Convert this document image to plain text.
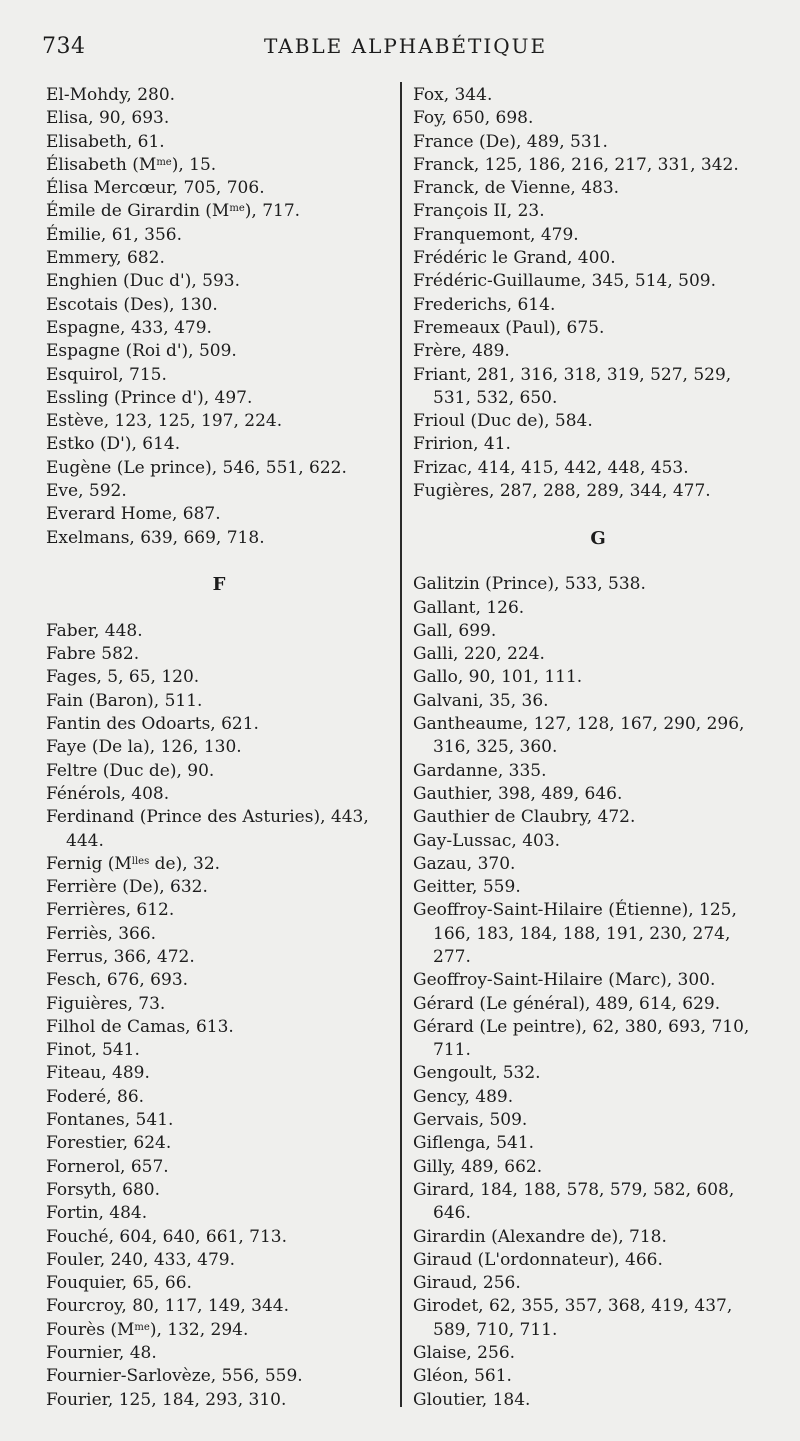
734	TABLE ALPHABÉTIQUE
El-Mohdy, 280.
Elisa, 90, 693.
Elisabeth, 61.
Élisabeth $(M^{me})$, 15.
Élisa Mercœur, 705, 706.
Émile de Girardin $(M^{me})$, 717.
Émilie, 61, 356.
Emmery, 682.
Enghien (Duc d'), 593.
Escotais (Des), 130.
Espagne, 433, 479.
Espagne (Roi d'), 509.
Esquirol, 715.
Essling (Prince d'), 497.
Estève, 123, 125, 197, 224.
Estko (D'), 614.
Eugène (Le prince), 546, 551, 622.
Eve, 592.
Everard Home, 687.
Exelmans, 639, 669, 718.
F
Faber, 448.
Fabre 582.
Fages, 5, 65, 120.
Fain (Baron), 511.
Fantin des Odoarts, 621.
Faye (De la), 126, 130.
Feltre (Duc de), 90.
Fénérols, 408.
Ferdinand (Prince des Asturies), 443,
444.
Fernig ($M^{lles}$ de), 32.
Ferrière (De), 632.
Ferrières, 612.
Ferriès, 366.
Ferrus, 366, 472.
Fesch, 676, 693.
Figuières, 73.
Filhol de Camas, 613.
Finot, 541.
Fiteau, 489.
Foderé, 86.
Fontanes, 541.
Forestier, 624.
Fornerol, 657.
Forsyth, 680.
Fortin, 484.
Fouché, 604, 640, 661, 713.
Fouler, 240, 433, 479.
Fouquier, 65, 66.
Fourcroy, 80, 117, 149, 344.
Fourès $(M^{me})$, 132, 294.
Fournier, 48.
Fournier-Sarlovèze, 556, 559.
Fourier, 125, 184, 293, 310.
Fox, 344.
Foy, 650, 698.
France (De), 489, 531.
Franck, 125, 186, 216, 217, 331, 342.
Franck, de Vienne, 483.
François II, 23.
Franquemont, 479.
Frédéric le Grand, 400.
Frédéric-Guillaume, 345, 514, 509.
Frederichs, 614.
Fremeaux (Paul), 675.
Frère, 489.
Friant, 281, 316, 318, 319, 527, 529,
531, 532, 650.
Frioul (Duc de), 584.
Fririon, 41.
Frizac, 414, 415, 442, 448, 453.
Fugières, 287, 288, 289, 344, 477.
G
Galitzin (Prince), 533, 538.
Gallant, 126.
Gall, 699.
Galli, 220, 224.
Gallo, 90, 101, 111.
Galvani, 35, 36.
Gantheaume, 127, 128, 167, 290, 296,
316, 325, 360.
Gardanne, 335.
Gauthier, 398, 489, 646.
Gauthier de Claubry, 472.
Gay-Lussac, 403.
Gazau, 370.
Geitter, 559.
Geoffroy-Saint-Hilaire (Étienne), 125,
166, 183, 184, 188, 191, 230, 274,
277.
Geoffroy-Saint-Hilaire (Marc), 300.
Gérard (Le général), 489, 614, 629.
Gérard (Le peintre), 62, 380, 693, 710,
711.
Gengoult, 532.
Gency, 489.
Gervais, 509.
Giflenga, 541.
Gilly, 489, 662.
Girard, 184, 188, 578, 579, 582, 608,
646.
Girardin (Alexandre de), 718.
Giraud (L'ordonnateur), 466.
Giraud, 256.
Girodet, 62, 355, 357, 368, 419, 437,
589, 710, 711.
Glaise, 256.
Gléon, 561.
Gloutier, 184.
